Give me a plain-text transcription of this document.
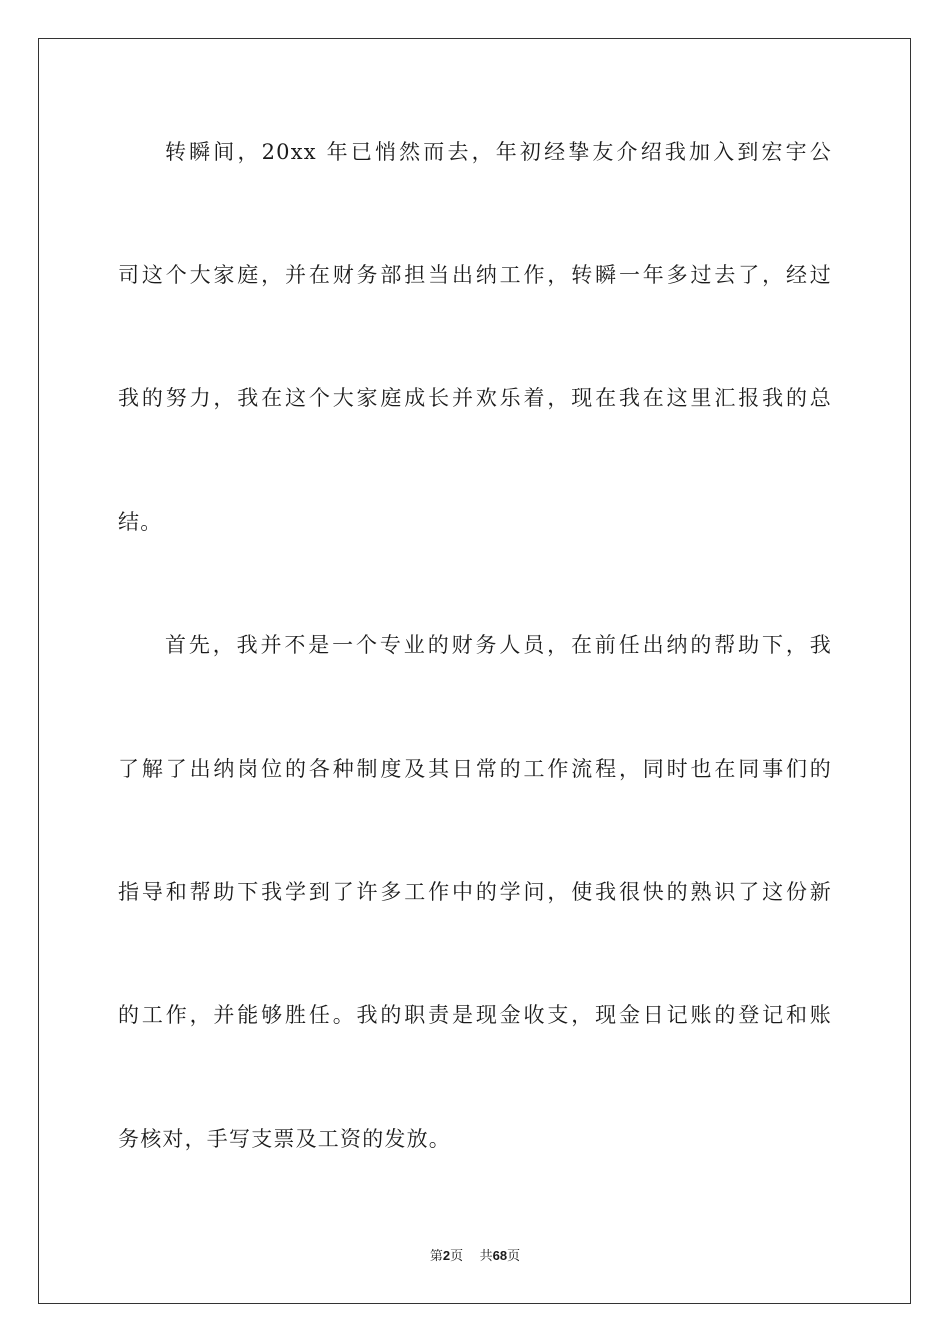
转瞬间，20xx 年已悄然而去，年初经挚友介绍我加入到宏宇公
司这个大家庭，并在财务部担当出纳工作，转瞬一年多过去了，经过
我的努力，我在这个大家庭成长并欢乐着，现在我在这里汇报我的总
结。
首先，我并不是一个专业的财务人员，在前任出纳的帮助下，我
了解了出纳岗位的各种制度及其日常的工作流程，同时也在同事们的
指导和帮助下我学到了许多工作中的学问，使我很快的熟识了这份新
的工作，并能够胜任。我的职责是现金收支，现金日记账的登记和账
务核对，手写支票及工资的发放。
第2页 共68页
